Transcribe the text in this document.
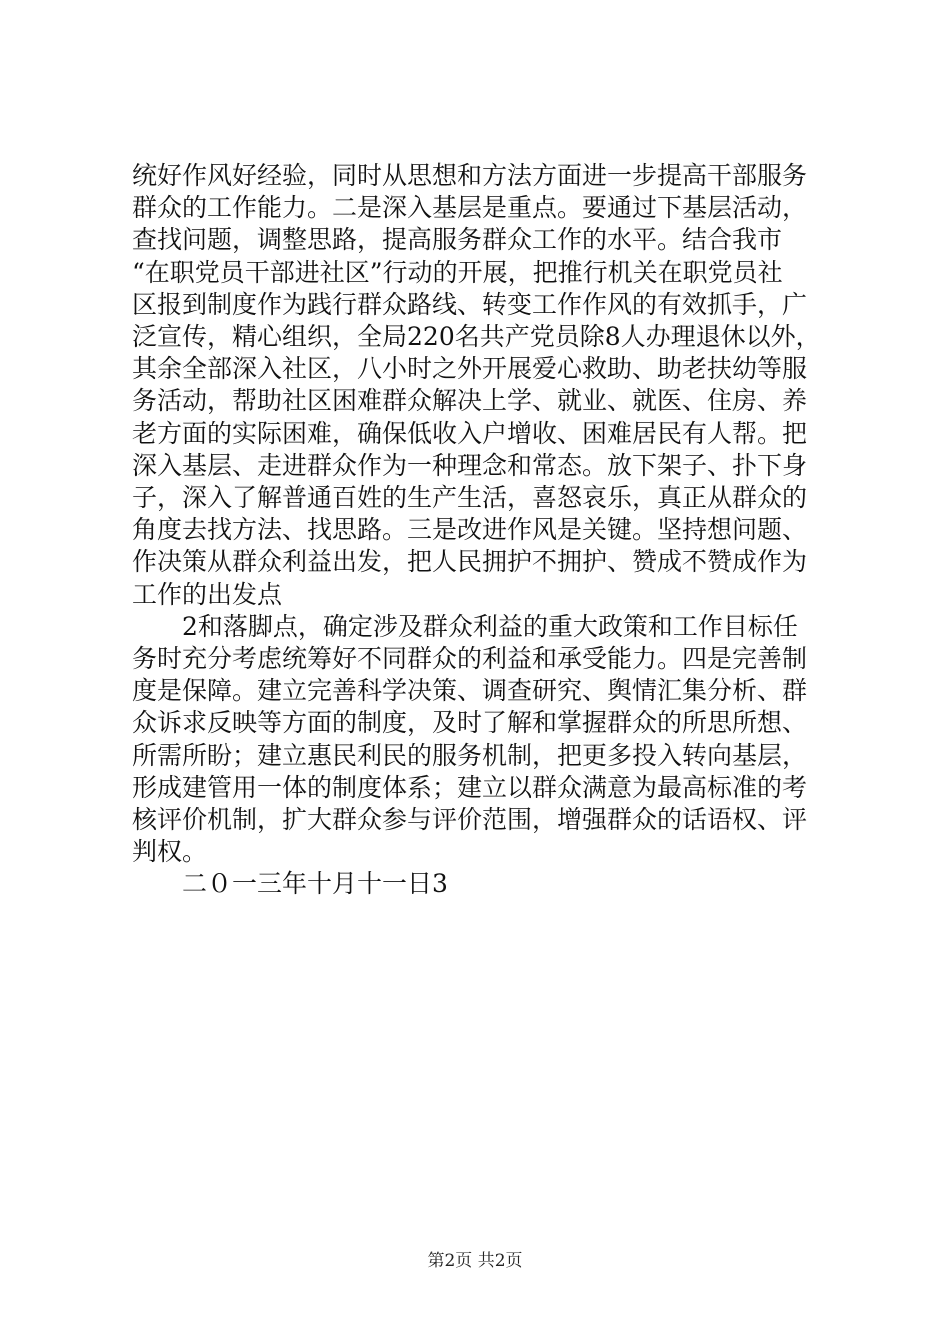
统好作风好经验，同时从思想和方法方面进一步提高干部服务
群众的工作能力。二是深入基层是重点。要通过下基层活动，
查找问题，调整思路，提高服务群众工作的水平。结合我市
“在职党员干部进社区”行动的开展，把推行机关在职党员社
区报到制度作为践行群众路线、转变工作作风的有效抓手，广
泛宣传，精心组织，全局220名共产党员除8人办理退休以外，
其余全部深入社区，八小时之外开展爱心救助、助老扶幼等服
务活动，帮助社区困难群众解决上学、就业、就医、住房、养
老方面的实际困难，确保低收入户增收、困难居民有人帮。把
深入基层、走进群众作为一种理念和常态。放下架子、扑下身
子，深入了解普通百姓的生产生活，喜怒哀乐，真正从群众的
角度去找方法、找思路。三是改进作风是关键。坚持想问题、
作决策从群众利益出发，把人民拥护不拥护、赞成不赞成作为
工作的出发点
2和落脚点，确定涉及群众利益的重大政策和工作目标任
务时充分考虑统筹好不同群众的利益和承受能力。四是完善制
度是保障。建立完善科学决策、调查研究、舆情汇集分析、群
众诉求反映等方面的制度，及时了解和掌握群众的所思所想、
所需所盼；建立惠民利民的服务机制，把更多投入转向基层，
形成建管用一体的制度体系；建立以群众满意为最高标准的考
核评价机制，扩大群众参与评价范围，增强群众的话语权、评
判权。
二０一三年十月十一日3
第2页 共2页
